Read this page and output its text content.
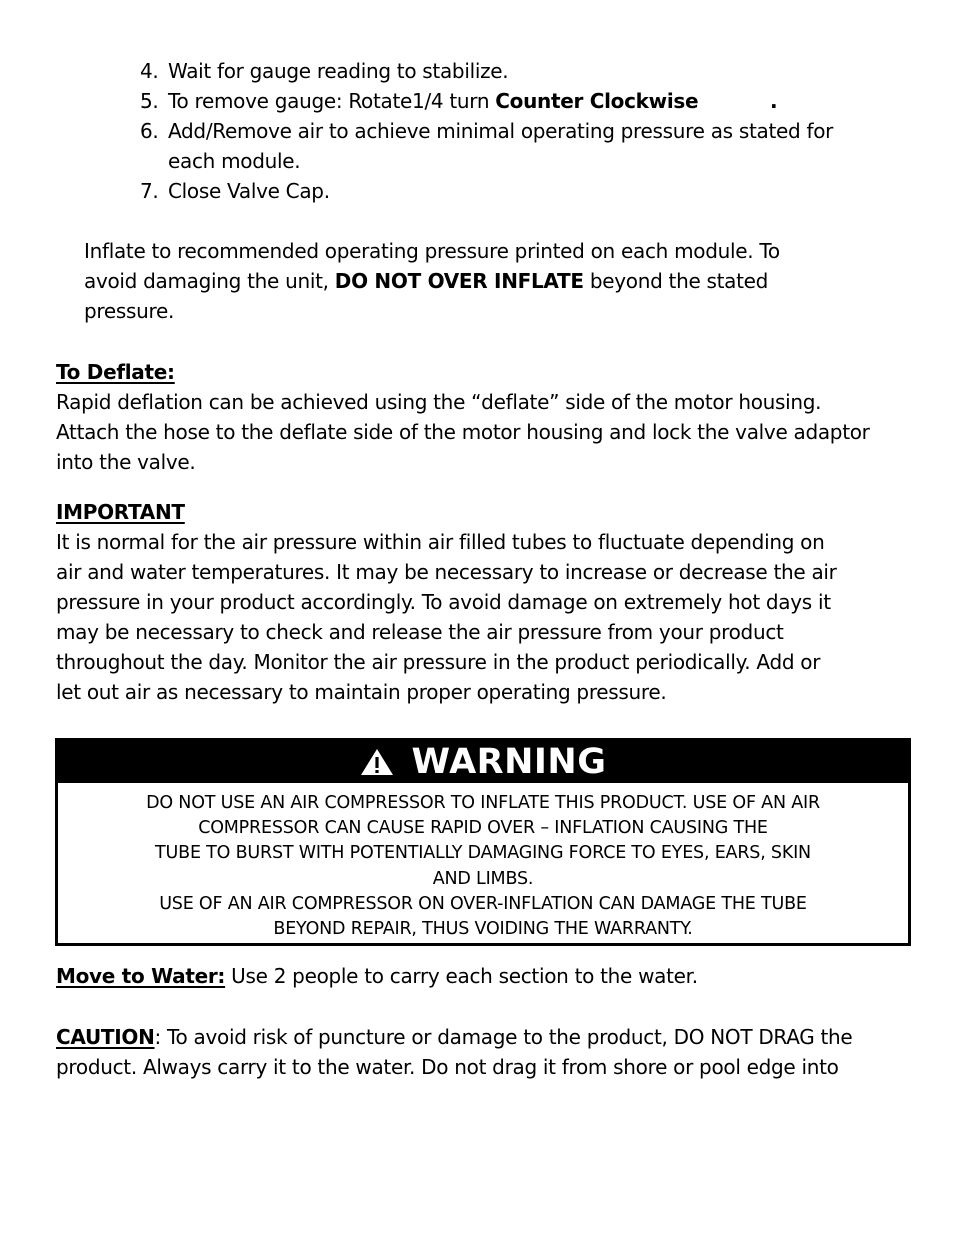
4. Wait for gauge reading to stabilize.
5. To remove gauge: Rotate1/4 turn Counter Clockwise	.
6. Add/Remove air to achieve minimal operating pressure as stated for
each module.
7. Close Valve Cap.
Inflate to recommended operating pressure printed on each module. To
avoid damaging the unit, DO NOT OVER INFLATE beyond the stated
pressure.
To Deflate:
Rapid deflation can be achieved using the “deflate” side of the motor housing.
Attach the hose to the deflate side of the motor housing and lock the valve adaptor
into the valve.
IMPORTANT
It is normal for the air pressure within air filled tubes to fluctuate depending on
air and water temperatures. It may be necessary to increase or decrease the air
pressure in your product accordingly. To avoid damage on extremely hot days it
may be necessary to check and release the air pressure from your product
throughout the day. Monitor the air pressure in the product periodically. Add or
let out air as necessary to maintain proper operating pressure.
WARNING
DO NOT USE AN AIR COMPRESSOR TO INFLATE THIS PRODUCT. USE OF AN AIR
COMPRESSOR CAN CAUSE RAPID OVER – INFLATION CAUSING THE
TUBE TO BURST WITH POTENTIALLY DAMAGING FORCE TO EYES, EARS, SKIN
AND LIMBS.
USE OF AN AIR COMPRESSOR ON OVER-INFLATION CAN DAMAGE THE TUBE
BEYOND REPAIR, THUS VOIDING THE WARRANTY.
Move to Water: Use 2 people to carry each section to the water.
CAUTION: To avoid risk of puncture or damage to the product, DO NOT DRAG the
product. Always carry it to the water. Do not drag it from shore or pool edge into
